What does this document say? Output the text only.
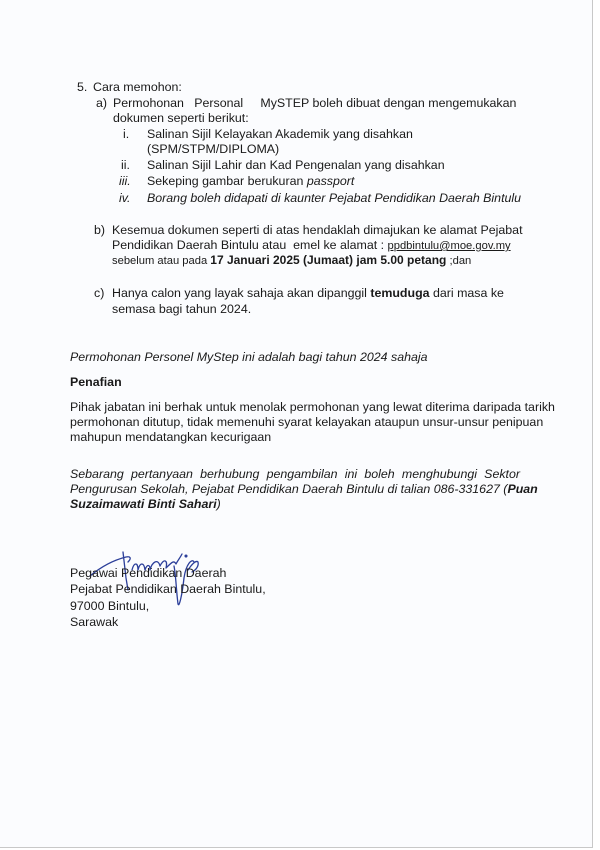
5. Cara memohon:
a) Permohonan   Personal     MySTEP boleh dibuat dengan mengemukakan
dokumen seperti berikut:
i. Salinan Sijil Kelayakan Akademik yang disahkan
(SPM/STPM/DIPLOMA)
ii. Salinan Sijil Lahir dan Kad Pengenalan yang disahkan
iii. Sekeping gambar berukuran passport
iv. Borang boleh didapati di kaunter Pejabat Pendidikan Daerah Bintulu
b) Kesemua dokumen seperti di atas hendaklah dimajukan ke alamat Pejabat
Pendidikan Daerah Bintulu atau  emel ke alamat : ppdbintulu@moe.gov.my
sebelum atau pada 17 Januari 2025 (Jumaat) jam 5.00 petang ;dan
c) Hanya calon yang layak sahaja akan dipanggil temuduga dari masa ke
semasa bagi tahun 2024.
Permohonan Personel MyStep ini adalah bagi tahun 2024 sahaja
Penafian
Pihak jabatan ini berhak untuk menolak permohonan yang lewat diterima daripada tarikh
permohonan ditutup, tidak memenuhi syarat kelayakan ataupun unsur-unsur penipuan
mahupun mendatangkan kecurigaan
Sebarang pertanyaan berhubung pengambilan ini boleh menghubungi Sektor
Pengurusan Sekolah, Pejabat Pendidikan Daerah Bintulu di talian 086-331627 (Puan
Suzaimawati Binti Sahari)
Pegawai Pendidikan Daerah
Pejabat Pendidikan Daerah Bintulu,
97000 Bintulu,
Sarawak
